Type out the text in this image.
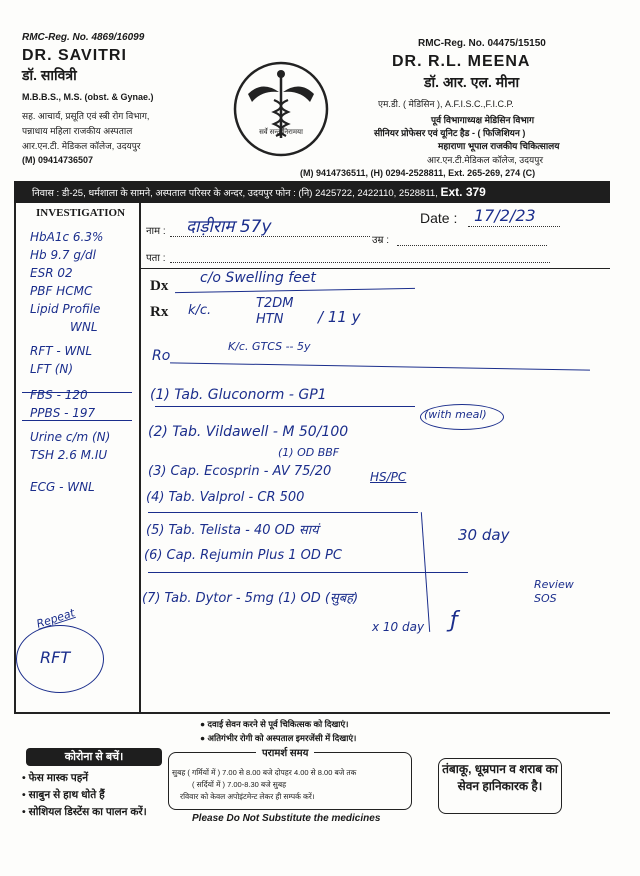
RMC-Reg. No. 4869/16099
DR. SAVITRI
डॉ. सावित्री
M.B.B.S., M.S. (obst. & Gynae.)
सह. आचार्य, प्रसूति एवं स्त्री रोग विभाग,
पन्नाधाय महिला राजकीय अस्पताल
आर.एन.टी. मेडिकल कॉलेज, उदयपुर
(M) 09414736507
सर्वे सन्तु निरामया
RMC-Reg. No. 04475/15150
DR. R.L. MEENA
डॉ. आर. एल. मीना
एम.डी. ( मेडिसिन ), A.F.I.S.C.,F.I.C.P.
पूर्व विभागाध्यक्ष मेडिसिन विभाग
सीनियर प्रोफेसर एवं यूनिट हैड - ( फिजिशियन )
महाराणा भूपाल राजकीय चिकित्सालय
आर.एन.टी.मेडिकल कॉलेज, उदयपुर
(M) 9414736511, (H) 0294-2528811, Ext. 265-269, 274 (C)
निवास : डी-25, धर्मशाला के सामने, अस्पताल परिसर के अन्दर, उदयपुर फोन : (नि) 2425722, 2422110, 2528811, Ext. 379
INVESTIGATION
नाम : दाड़ीराम 57y
उम्र :
Date : 17/2/23
पता :
Dx
Rx
HbA1c 6.3%
Hb 9.7 g/dl
ESR 02
PBF HCMC
Lipid Profile
WNL
RFT - WNL
LFT (N)
FBS - 120
PPBS - 197
Urine c/m (N)
TSH 2.6 M.IU
ECG - WNL
Repeat
RFT
c/o Swelling feet
k/c.	T2DM
HTN	/ 11 y
Ro
K/c. GTCS -- 5y
(1) Tab. Gluconorm - GP1
(2) Tab. Vildawell - M 50/100
(1) OD BBF
(with meal)
(3) Cap. Ecosprin - AV 75/20	HS/PC
(4) Tab. Valprol - CR 500
(5) Tab. Telista - 40 OD सायं
(6) Cap. Rejumin Plus 1 OD PC
(7) Tab. Dytor - 5mg (1) OD (सुबह)
x 10 day
30 day
Review SOS
ƒ
● दवाई सेवन करने से पूर्व चिकित्सक को दिखाएं।
● अतिगंभीर रोगी को अस्पताल इमरजेंसी में दिखाएं।
कोरोना से बचें।
• फेस मास्क पहनें
• साबुन से हाथ धोते हैं
• सोशियल डिस्टेंस का पालन करें।
परामर्श समय
सुबह ( गर्मियों में ) 7.00 से 8.00 बजे दोपहर 4.00 से 8.00 बजे तक
( सर्दियों में ) 7.00-8.30 बजे सुबह
रविवार को केवल अपोइंटमेन्ट लेकर ही सम्पर्क करें।
तंबाकू, धूम्रपान व शराब का सेवन हानिकारक है।
Please Do Not Substitute the medicines
